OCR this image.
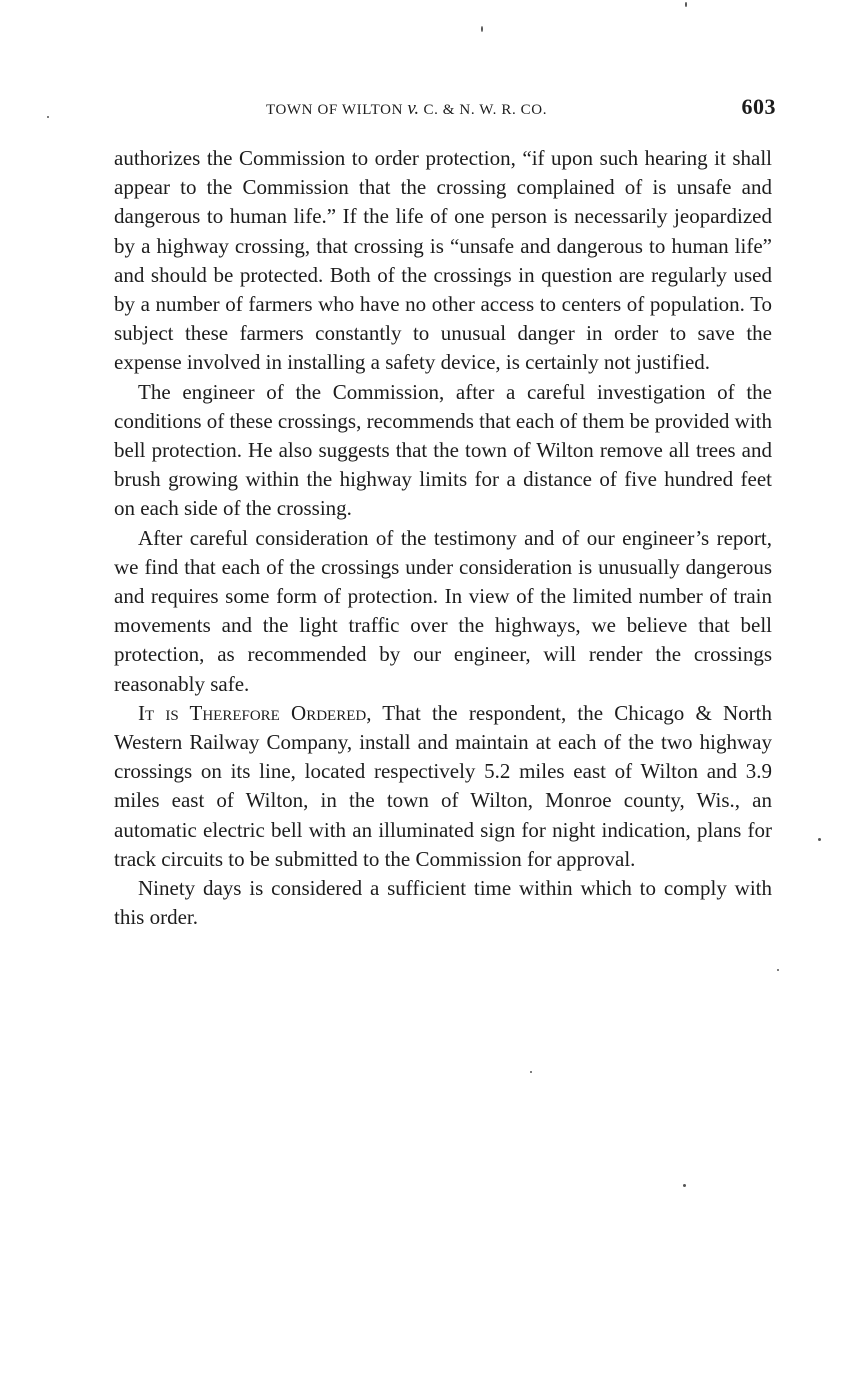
TOWN OF WILTON v. C. & N. W. R. CO.	603

authorizes the Commission to order protection, “if upon such hearing it shall appear to the Commission that the crossing complained of is unsafe and dangerous to human life.” If the life of one person is necessarily jeopardized by a highway crossing, that crossing is “unsafe and dangerous to human life” and should be protected. Both of the crossings in question are regularly used by a number of farmers who have no other access to centers of population. To subject these farmers constantly to unusual danger in order to save the expense involved in installing a safety device, is certainly not justified.

The engineer of the Commission, after a careful investigation of the conditions of these crossings, recommends that each of them be provided with bell protection. He also suggests that the town of Wilton remove all trees and brush growing within the highway limits for a distance of five hundred feet on each side of the crossing.

After careful consideration of the testimony and of our engineer’s report, we find that each of the crossings under consideration is unusually dangerous and requires some form of protection. In view of the limited number of train movements and the light traffic over the highways, we believe that bell protection, as recommended by our engineer, will render the crossings reasonably safe.

It is Therefore Ordered, That the respondent, the Chicago & North Western Railway Company, install and maintain at each of the two highway crossings on its line, located respectively 5.2 miles east of Wilton and 3.9 miles east of Wilton, in the town of Wilton, Monroe county, Wis., an automatic electric bell with an illuminated sign for night indication, plans for track circuits to be submitted to the Commission for approval.

Ninety days is considered a sufficient time within which to comply with this order.
